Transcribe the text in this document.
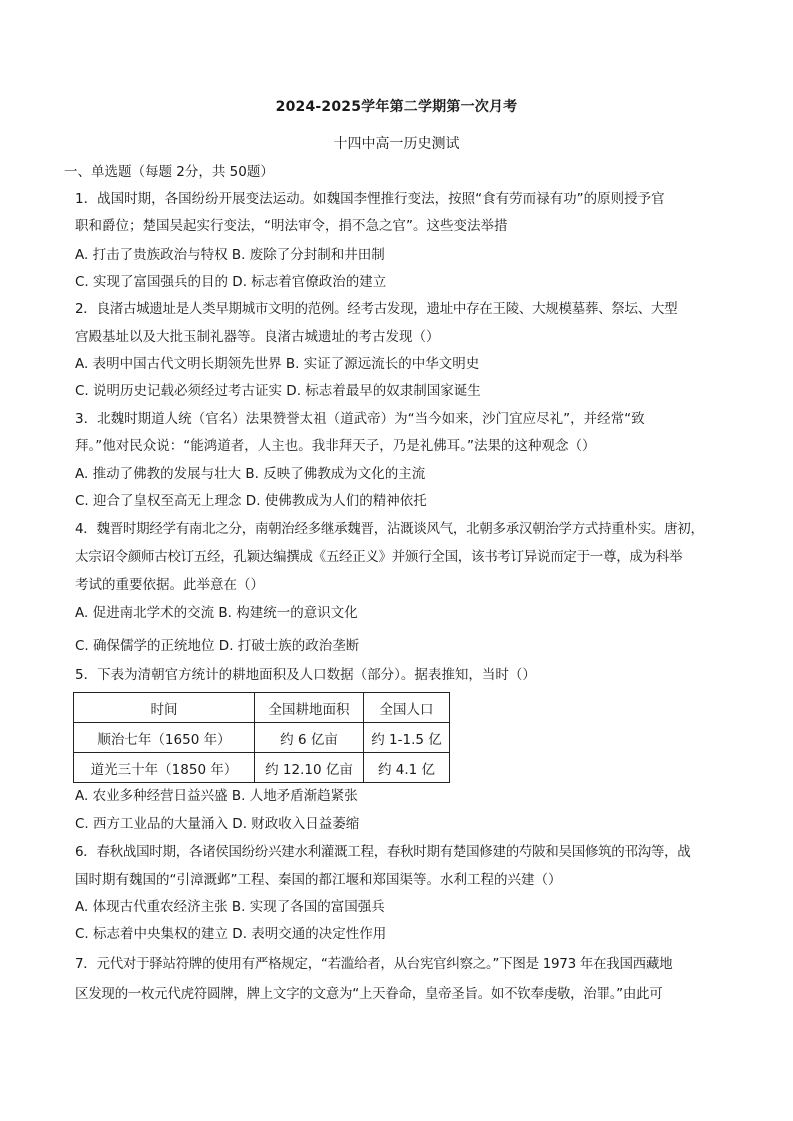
2024-2025学年第二学期第一次月考
十四中高一历史测试
一、单选题（每题 2分，共 50题）
1．战国时期，各国纷纷开展变法运动。如魏国李悝推行变法，按照“食有劳而禄有功”的原则授予官
职和爵位；楚国吴起实行变法，“明法审令，捐不急之官”。这些变法举措
A. 打击了贵族政治与特权 B. 废除了分封制和井田制
C. 实现了富国强兵的目的 D. 标志着官僚政治的建立
2．良渚古城遗址是人类早期城市文明的范例。经考古发现，遗址中存在王陵、大规模墓葬、祭坛、大型
宫殿基址以及大批玉制礼器等。良渚古城遗址的考古发现（）
A. 表明中国古代文明长期领先世界 B. 实证了源远流长的中华文明史
C. 说明历史记载必须经过考古证实 D. 标志着最早的奴隶制国家诞生
3．北魏时期道人统（官名）法果赞誉太祖（道武帝）为“当今如来，沙门宜应尽礼”，并经常“致
拜。”他对民众说：“能鸿道者，人主也。我非拜天子，乃是礼佛耳。”法果的这种观念（）
A. 推动了佛教的发展与壮大 B. 反映了佛教成为文化的主流
C. 迎合了皇权至高无上理念 D. 使佛教成为人们的精神依托
4．魏晋时期经学有南北之分，南朝治经多继承魏晋，沾溉谈风气，北朝多承汉朝治学方式持重朴实。唐初，
太宗诏令颜师古校订五经，孔颖达编撰成《五经正义》并颁行全国，该书考订异说而定于一尊，成为科举
考试的重要依据。此举意在（）
A. 促进南北学术的交流 B. 构建统一的意识文化
C. 确保儒学的正统地位 D. 打破士族的政治垄断
5．下表为清朝官方统计的耕地面积及人口数据（部分）。据表推知，当时（）
时间	全国耕地面积	全国人口
顺治七年（1650 年）	约 6 亿亩	约 1-1.5 亿
道光三十年（1850 年）	约 12.10 亿亩	约 4.1 亿
A. 农业多种经营日益兴盛 B. 人地矛盾渐趋紧张
C. 西方工业品的大量涌入 D. 财政收入日益萎缩
6．春秋战国时期，各诸侯国纷纷兴建水利灌溉工程，春秋时期有楚国修建的芍陂和吴国修筑的邗沟等，战
国时期有魏国的“引漳溉邺”工程、秦国的都江堰和郑国渠等。水利工程的兴建（）
A. 体现古代重农经济主张 B. 实现了各国的富国强兵
C. 标志着中央集权的建立 D. 表明交通的决定性作用
7．元代对于驿站符牌的使用有严格规定，“若滥给者，从台宪官纠察之。”下图是 1973 年在我国西藏地
区发现的一枚元代虎符圆牌，牌上文字的文意为“上天眷命，皇帝圣旨。如不钦奉虔敬，治罪。”由此可
